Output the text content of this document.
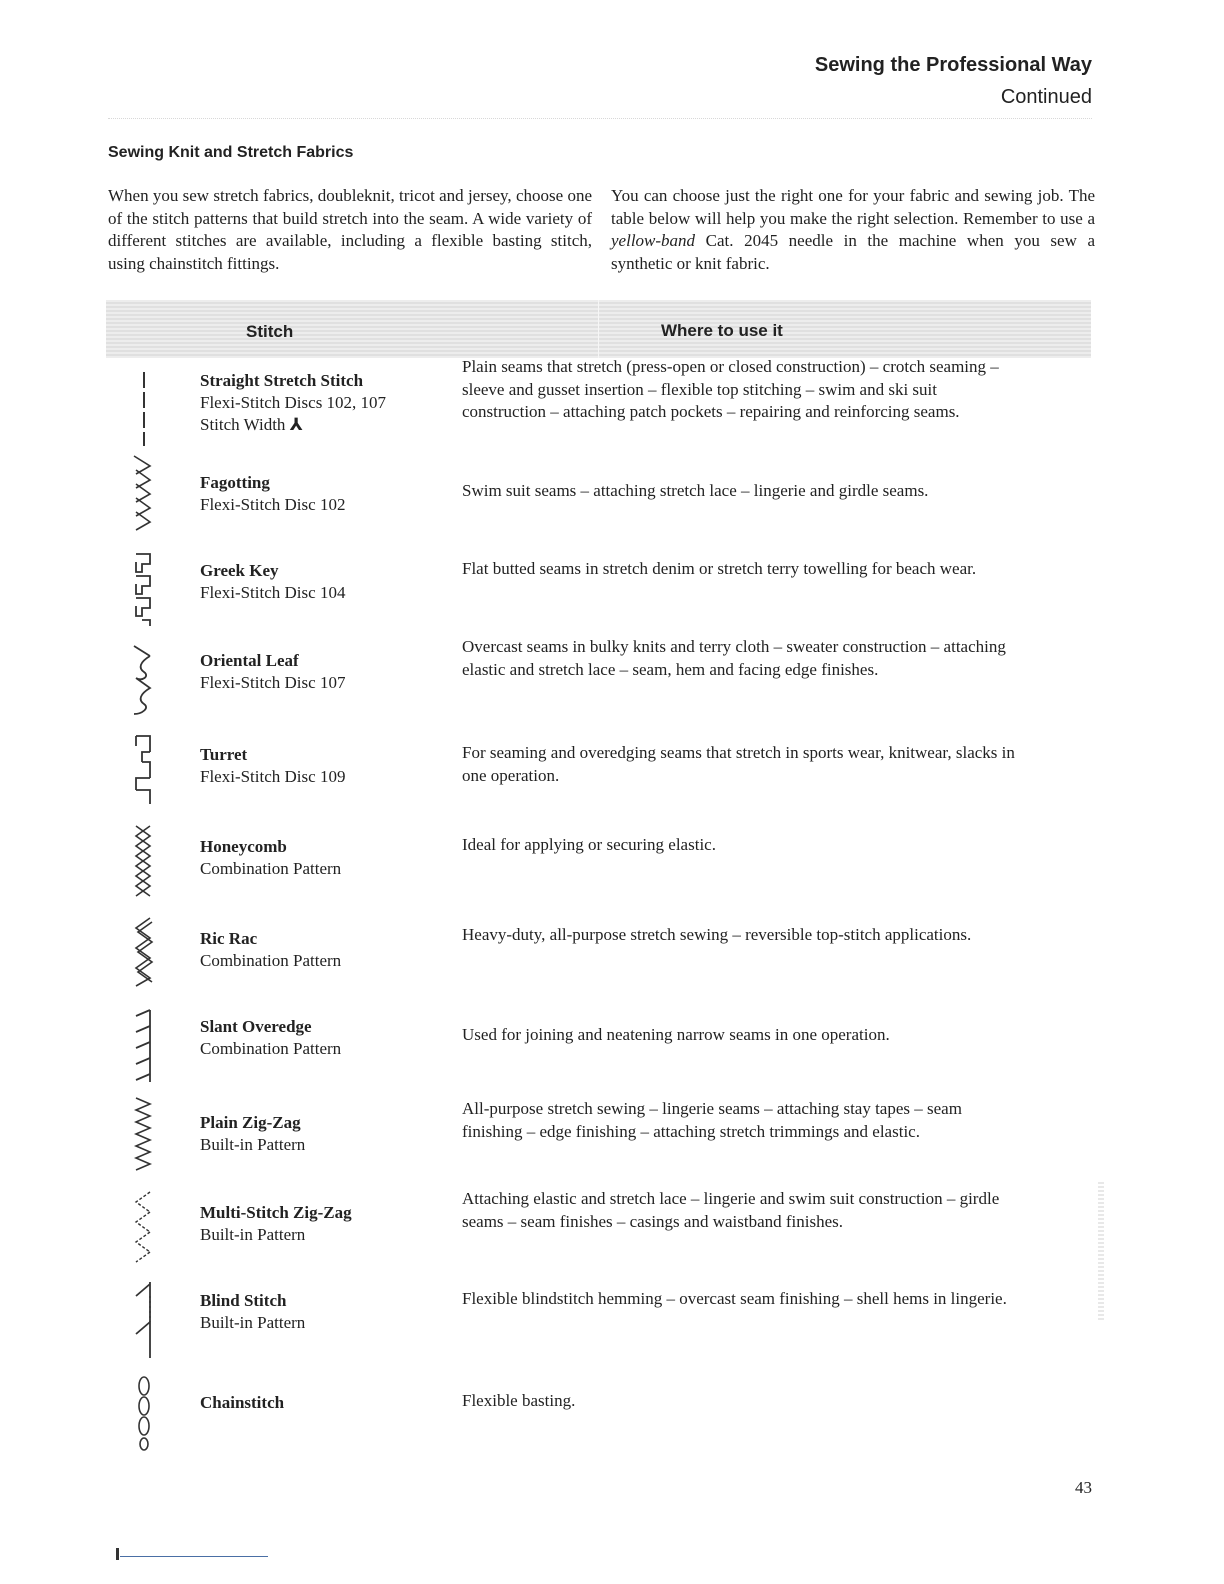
Sewing the Professional Way
Continued
Sewing Knit and Stretch Fabrics
When you sew stretch fabrics, doubleknit, tricot and jersey, choose one of the stitch patterns that build stretch into the seam. A wide variety of different stitches are available, including a flexible basting stitch, using chainstitch fittings.
You can choose just the right one for your fabric and sewing job. The table below will help you make the right selection. Remember to use a yellow-band Cat. 2045 needle in the machine when you sew a synthetic or knit fabric.
Stitch	Where to use it
Straight Stretch Stitch
Flexi-Stitch Discs 102, 107
Stitch Width ⅄
Plain seams that stretch (press-open or closed construction) – crotch seaming – sleeve and gusset insertion – flexible top stitching – swim and ski suit construction – attaching patch pockets – repairing and reinforcing seams.
Fagotting
Flexi-Stitch Disc 102
Swim suit seams – attaching stretch lace – lingerie and girdle seams.
Greek Key
Flexi-Stitch Disc 104
Flat butted seams in stretch denim or stretch terry towelling for beach wear.
Oriental Leaf
Flexi-Stitch Disc 107
Overcast seams in bulky knits and terry cloth – sweater construction – attaching elastic and stretch lace – seam, hem and facing edge finishes.
Turret
Flexi-Stitch Disc 109
For seaming and overedging seams that stretch in sports wear, knitwear, slacks in one operation.
Honeycomb
Combination Pattern
Ideal for applying or securing elastic.
Ric Rac
Combination Pattern
Heavy-duty, all-purpose stretch sewing – reversible top-stitch applications.
Slant Overedge
Combination Pattern
Used for joining and neatening narrow seams in one operation.
Plain Zig-Zag
Built-in Pattern
All-purpose stretch sewing – lingerie seams – attaching stay tapes – seam finishing – edge finishing – attaching stretch trimmings and elastic.
Multi-Stitch Zig-Zag
Built-in Pattern
Attaching elastic and stretch lace – lingerie and swim suit construction – girdle seams – seam finishes – casings and waistband finishes.
Blind Stitch
Built-in Pattern
Flexible blindstitch hemming – overcast seam finishing – shell hems in lingerie.
Chainstitch	Flexible basting.
43
